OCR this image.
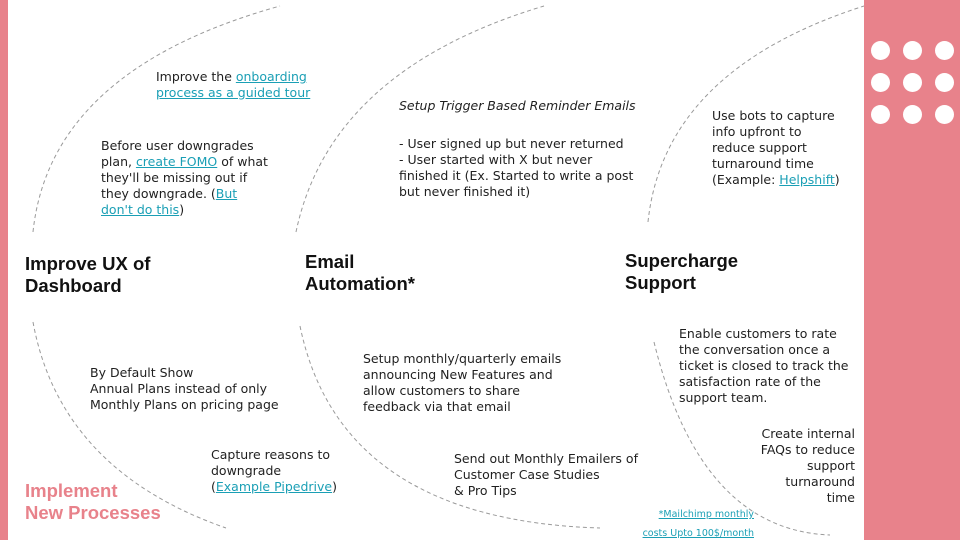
Improve the onboarding
process as a guided tour
Before user downgrades
plan, create FOMO of what
they'll be missing out if
they downgrade. (But
don't do this)
Improve UX of
Dashboard
By Default Show
Annual Plans instead of only
Monthly Plans on pricing page
Capture reasons to
downgrade
(Example Pipedrive)
Implement
New Processes
Setup Trigger Based Reminder Emails
- User signed up but never returned
- User started with X but never
finished it (Ex. Started to write a post
but never finished it)
Email
Automation*
Setup monthly/quarterly emails
announcing New Features and
allow customers to share
feedback via that email
Send out Monthly Emailers of
Customer Case Studies
& Pro Tips
*Mailchimp monthly
costs Upto 100$/month
Use bots to capture
info upfront to
reduce support
turnaround time
(Example: Helpshift)
Supercharge
Support
Enable customers to rate
the conversation once a
ticket is closed to track the
satisfaction rate of the
support team.
Create internal
FAQs to reduce
support
turnaround
time
